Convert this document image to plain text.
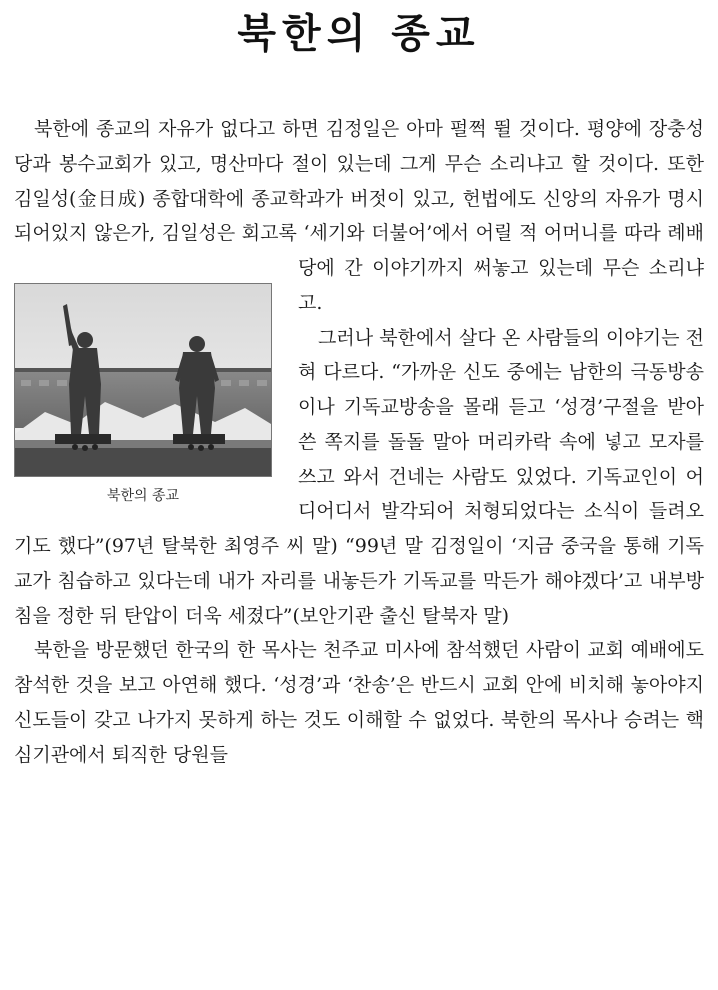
북한의 종교
북한의 종교

북한에 종교의 자유가 없다고 하면 김정일은 아마 펄쩍 뛸 것이다. 평양에 장충성당과 봉수교회가 있고, 명산마다 절이 있는데 그게 무슨 소리냐고 할 것이다. 또한 김일성(金日成) 종합대학에 종교학과가 버젓이 있고, 헌법에도 신앙의 자유가 명시되어있지 않은가, 김일성은 회고록 ‘세기와 더불어’에서 어릴 적 어머니를 따라 례배당에 간 이야기까지 써놓고 있는데 무슨 소리냐고.

그러나 북한에서 살다 온 사람들의 이야기는 전혀 다르다. “가까운 신도 중에는 남한의 극동방송이나 기독교방송을 몰래 듣고 ‘성경’구절을 받아 쓴 쪽지를 돌돌 말아 머리카락 속에 넣고 모자를 쓰고 와서 건네는 사람도 있었다. 기독교인이 어디어디서 발각되어 처형되었다는 소식이 들려오기도 했다”(97년 탈북한 최영주 씨 말) “99년 말 김정일이 ‘지금 중국을 통해 기독교가 침습하고 있다는데 내가 자리를 내놓든가 기독교를 막든가 해야겠다’고 내부방침을 정한 뒤 탄압이 더욱 세졌다”(보안기관 출신 탈북자 말)

북한을 방문했던 한국의 한 목사는 천주교 미사에 참석했던 사람이 교회 예배에도 참석한 것을 보고 아연해 했다. ‘성경’과 ‘찬송’은 반드시 교회 안에 비치해 놓아야지 신도들이 갖고 나가지 못하게 하는 것도 이해할 수 없었다. 북한의 목사나 승려는 핵심기관에서 퇴직한 당원들
